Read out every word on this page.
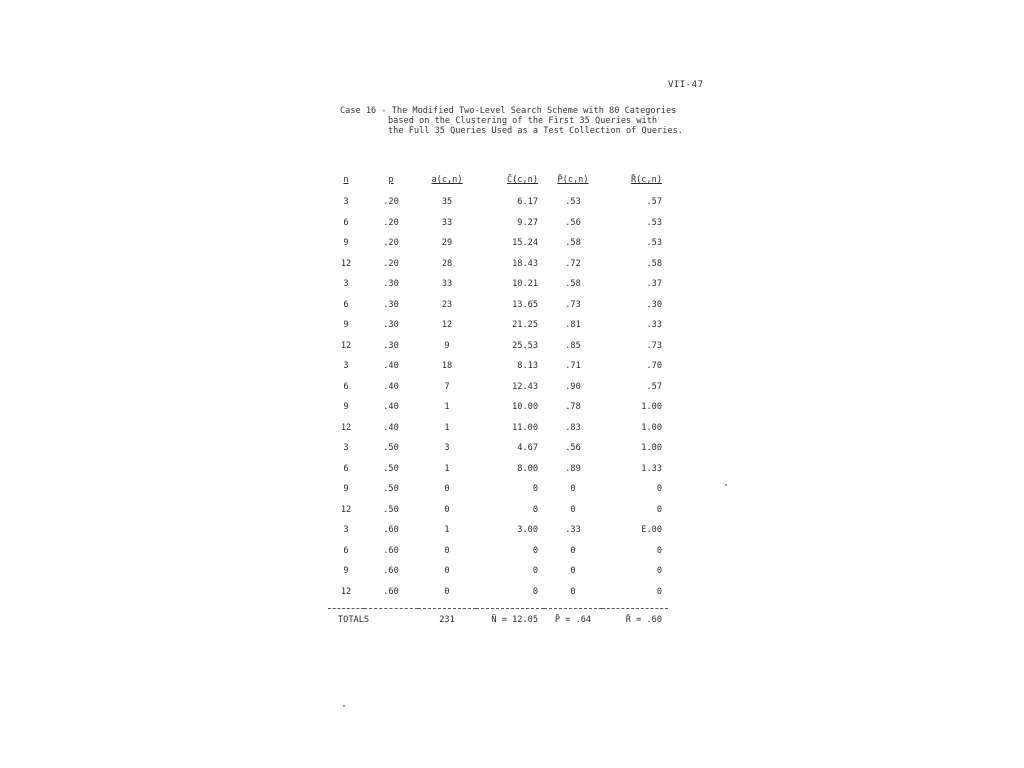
VII-47
Case 16 - The Modified Two-Level Search Scheme with 80 Categories
based on the Clustering of the First 35 Queries with
the Full 35 Queries Used as a Test Collection of Queries.
n	p	a(c,n)	C̄(c,n)	P̄(c,n)	R̄(c,n)
3	.20	35	6.17	.53	.57
6	.20	33	9.27	.56	.53
9	.20	29	15.24	.58	.53
12	.20	28	18.43	.72	.58
3	.30	33	10.21	.58	.37
6	.30	23	13.65	.73	.30
9	.30	12	21.25	.81	.33
12	.30	9	25.53	.85	.73
3	.40	18	8.13	.71	.70
6	.40	7	12.43	.90	.57
9	.40	1	10.00	.78	1.00
12	.40	1	11.00	.83	1.00
3	.50	3	4.67	.56	1.00
6	.50	1	8.00	.89	1.33
9	.50	0	0	0	0
12	.50	0	0	0	0
3	.60	1	3.00	.33	E.00
6	.60	0	0	0	0
9	.60	0	0	0	0
12	.60	0	0	0	0

TOTALS		231	N̄ = 12.05	P̄ = .64	R̄ = .60
